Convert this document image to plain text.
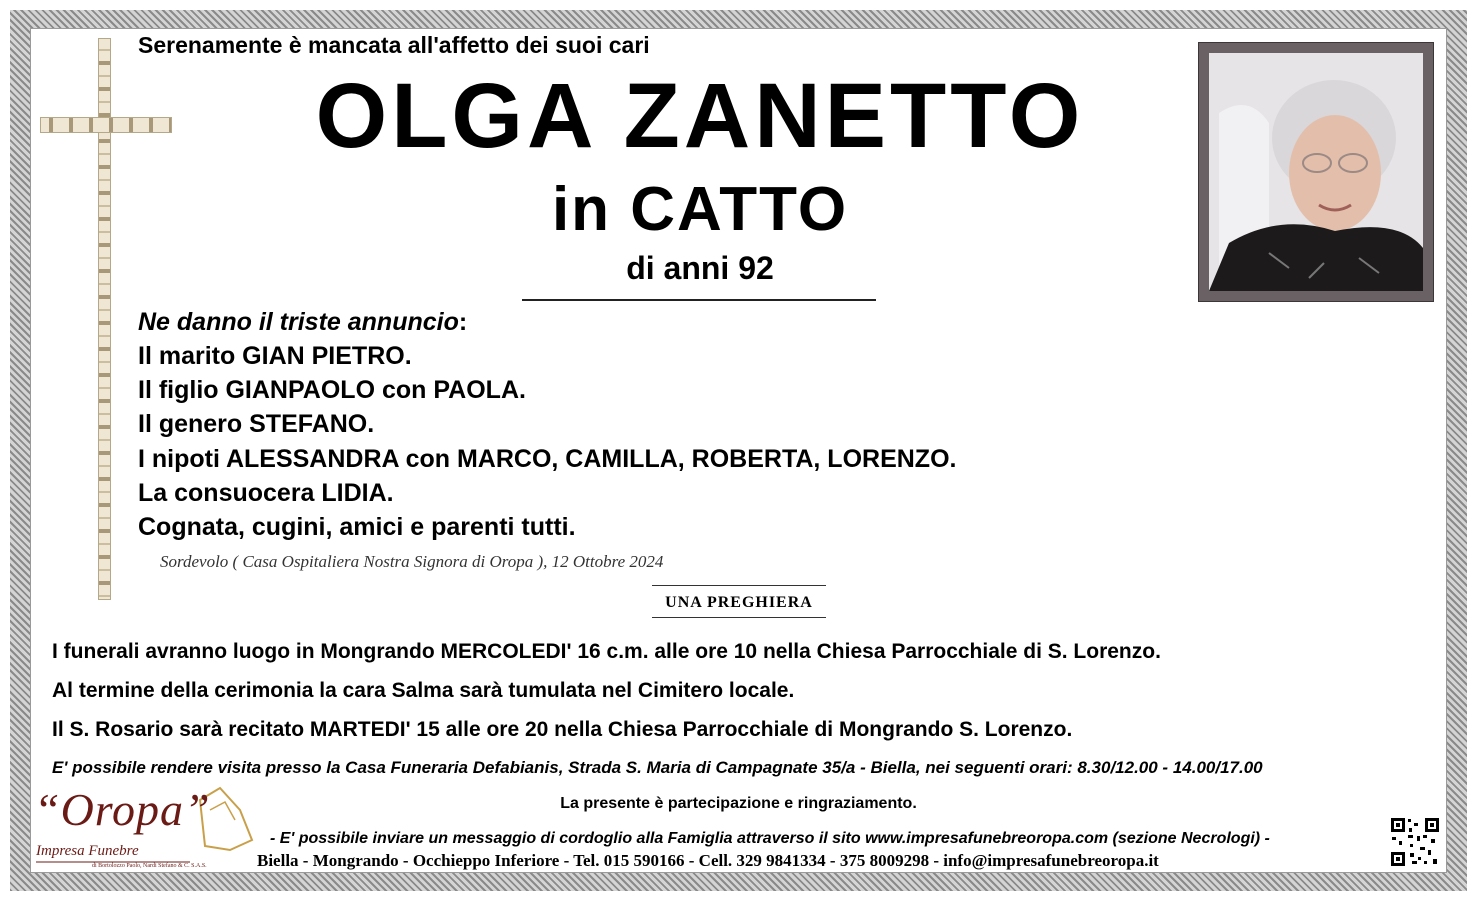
Serenamente è mancata all'affetto dei suoi cari
OLGA ZANETTO
in CATTO
di anni 92
Ne danno il triste annuncio:
Il marito GIAN PIETRO.
Il figlio GIANPAOLO con PAOLA.
Il genero STEFANO.
I nipoti ALESSANDRA con MARCO, CAMILLA, ROBERTA, LORENZO.
La consuocera LIDIA.
Cognata, cugini, amici e parenti tutti.
Sordevolo ( Casa Ospitaliera Nostra Signora di Oropa ), 12 Ottobre 2024
UNA PREGHIERA
I funerali avranno luogo in Mongrando MERCOLEDI' 16 c.m. alle ore 10 nella Chiesa Parrocchiale di S. Lorenzo.
Al termine della cerimonia la cara Salma sarà tumulata nel Cimitero locale.
Il S. Rosario sarà recitato MARTEDI' 15 alle ore 20 nella Chiesa Parrocchiale di Mongrando S. Lorenzo.
E' possibile rendere visita presso la Casa Funeraria Defabianis, Strada S. Maria di Campagnate 35/a - Biella, nei seguenti orari: 8.30/12.00 - 14.00/17.00
La presente è partecipazione e ringraziamento.
- E' possibile inviare un messaggio di cordoglio alla Famiglia attraverso il sito www.impresafunebreoropa.com (sezione Necrologi) -
Biella - Mongrando - Occhieppo Inferiore - Tel. 015 590166 - Cell. 329 9841334 - 375 8009298 - info@impresafunebreoropa.it
“Oropa”
Impresa Funebre
di Bortolozzo Paolo, Nardi Stefano & C. S.A.S.
